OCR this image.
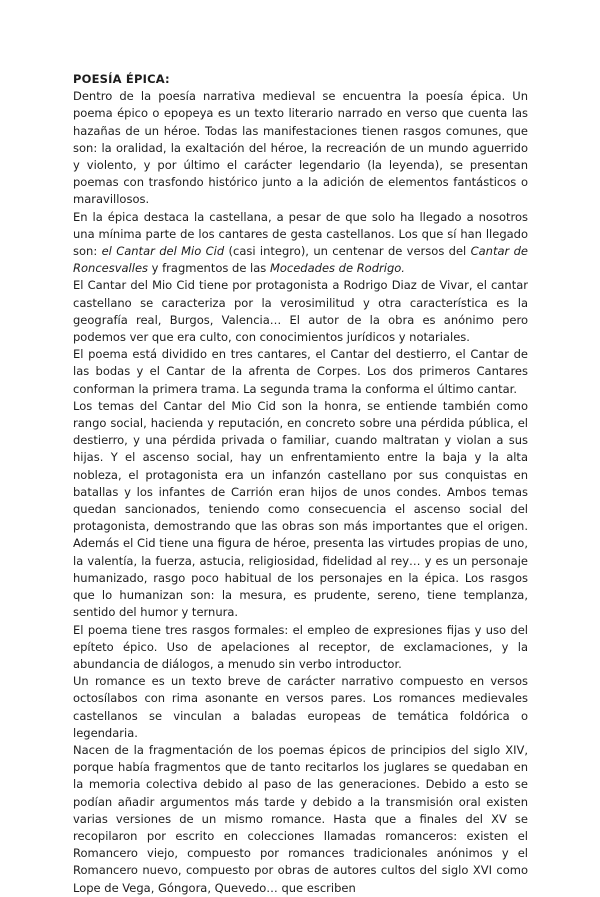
POESÍA ÉPICA:

Dentro de la poesía narrativa medieval se encuentra la poesía épica. Un poema épico o epopeya es un texto literario narrado en verso que cuenta las hazañas de un héroe. Todas las manifestaciones tienen rasgos comunes, que son: la oralidad, la exaltación del héroe, la recreación de un mundo aguerrido y violento, y por último el carácter legendario (la leyenda), se presentan poemas con trasfondo histórico junto a la adición de elementos fantásticos o maravillosos.

En la épica destaca la castellana, a pesar de que solo ha llegado a nosotros una mínima parte de los cantares de gesta castellanos. Los que sí han llegado son: el Cantar del Mio Cid (casi integro), un centenar de versos del Cantar de Roncesvalles y fragmentos de las Mocedades de Rodrigo.

El Cantar del Mio Cid tiene por protagonista a Rodrigo Diaz de Vivar, el cantar castellano se caracteriza por la verosimilitud y otra característica es la geografía real, Burgos, Valencia… El autor de la obra es anónimo pero podemos ver que era culto, con conocimientos jurídicos y notariales.

El poema está dividido en tres cantares, el Cantar del destierro, el Cantar de las bodas y el Cantar de la afrenta de Corpes. Los dos primeros Cantares conforman la primera trama. La segunda trama la conforma el último cantar.

Los temas del Cantar del Mio Cid son la honra, se entiende también como rango social, hacienda y reputación, en concreto sobre una pérdida pública, el destierro, y una pérdida privada o familiar, cuando maltratan y violan a sus hijas. Y el ascenso social, hay un enfrentamiento entre la baja y la alta nobleza, el protagonista era un infanzón castellano por sus conquistas en batallas y los infantes de Carrión eran hijos de unos condes. Ambos temas quedan sancionados, teniendo como consecuencia el ascenso social del protagonista, demostrando que las obras son más importantes que el origen. Además el Cid tiene una figura de héroe, presenta las virtudes propias de uno, la valentía, la fuerza, astucia, religiosidad, fidelidad al rey… y es un personaje humanizado, rasgo poco habitual de los personajes en la épica. Los rasgos que lo humanizan son: la mesura, es prudente, sereno, tiene templanza, sentido del humor y ternura.

El poema tiene tres rasgos formales: el empleo de expresiones fijas y uso del epíteto épico. Uso de apelaciones al receptor, de exclamaciones, y la abundancia de diálogos, a menudo sin verbo introductor.

Un romance es un texto breve de carácter narrativo compuesto en versos octosílabos con rima asonante en versos pares. Los romances medievales castellanos se vinculan a baladas europeas de temática foldórica o legendaria.

Nacen de la fragmentación de los poemas épicos de principios del siglo XIV, porque había fragmentos que de tanto recitarlos los juglares se quedaban en la memoria colectiva debido al paso de las generaciones. Debido a esto se podían añadir argumentos más tarde y debido a la transmisión oral existen varias versiones de un mismo romance. Hasta que a finales del XV se recopilaron por escrito en colecciones llamadas romanceros: existen el Romancero viejo, compuesto por romances tradicionales anónimos y el Romancero nuevo, compuesto por obras de autores cultos del siglo XVI como Lope de Vega, Góngora, Quevedo… que escriben
